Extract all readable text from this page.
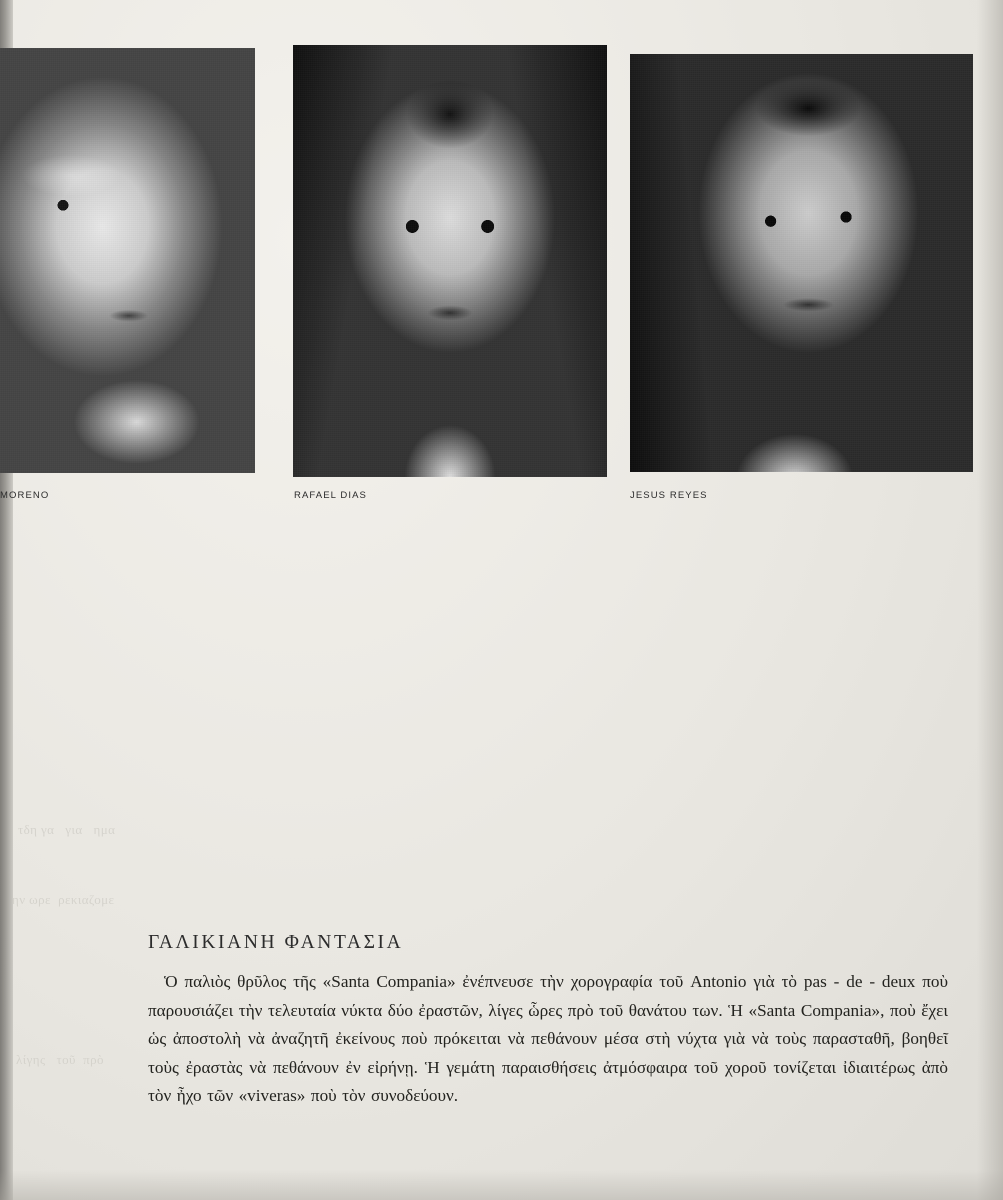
τδη γα   για   ημα
ην ωρε  ρεκιαζομε
λίγης   τοῦ  πρὸ
MORENO	RAFAEL DIAS	JESUS REYES
ΓΑΛΙΚΙΑΝΗ ΦΑΝΤΑΣΙΑ

Ὁ παλιὸς θρῦλος τῆς «Santa Compania» ἐνέπνευσε τὴν χορογραφία τοῦ Antonio γιὰ τὸ pas - de - deux ποὺ παρουσιάζει τὴν τελευταία νύκτα δύο ἐραστῶν, λίγες ὧρες πρὸ τοῦ θανάτου των. Ἡ «Santa Compania», ποὺ ἔχει ὡς ἀποστολὴ νὰ ἀναζητῆ ἐκείνους ποὺ πρόκειται νὰ πεθάνουν μέσα στὴ νύχτα γιὰ νὰ τοὺς παρασταθῆ, βοηθεῖ τοὺς ἐραστὰς νὰ πεθάνουν ἐν εἰρήνῃ. Ἡ γεμάτη παραισθήσεις ἀτμόσφαιρα τοῦ χοροῦ τονίζεται ἰδιαιτέρως ἀπὸ τὸν ἦχο τῶν «viveras» ποὺ τὸν συνοδεύουν.
